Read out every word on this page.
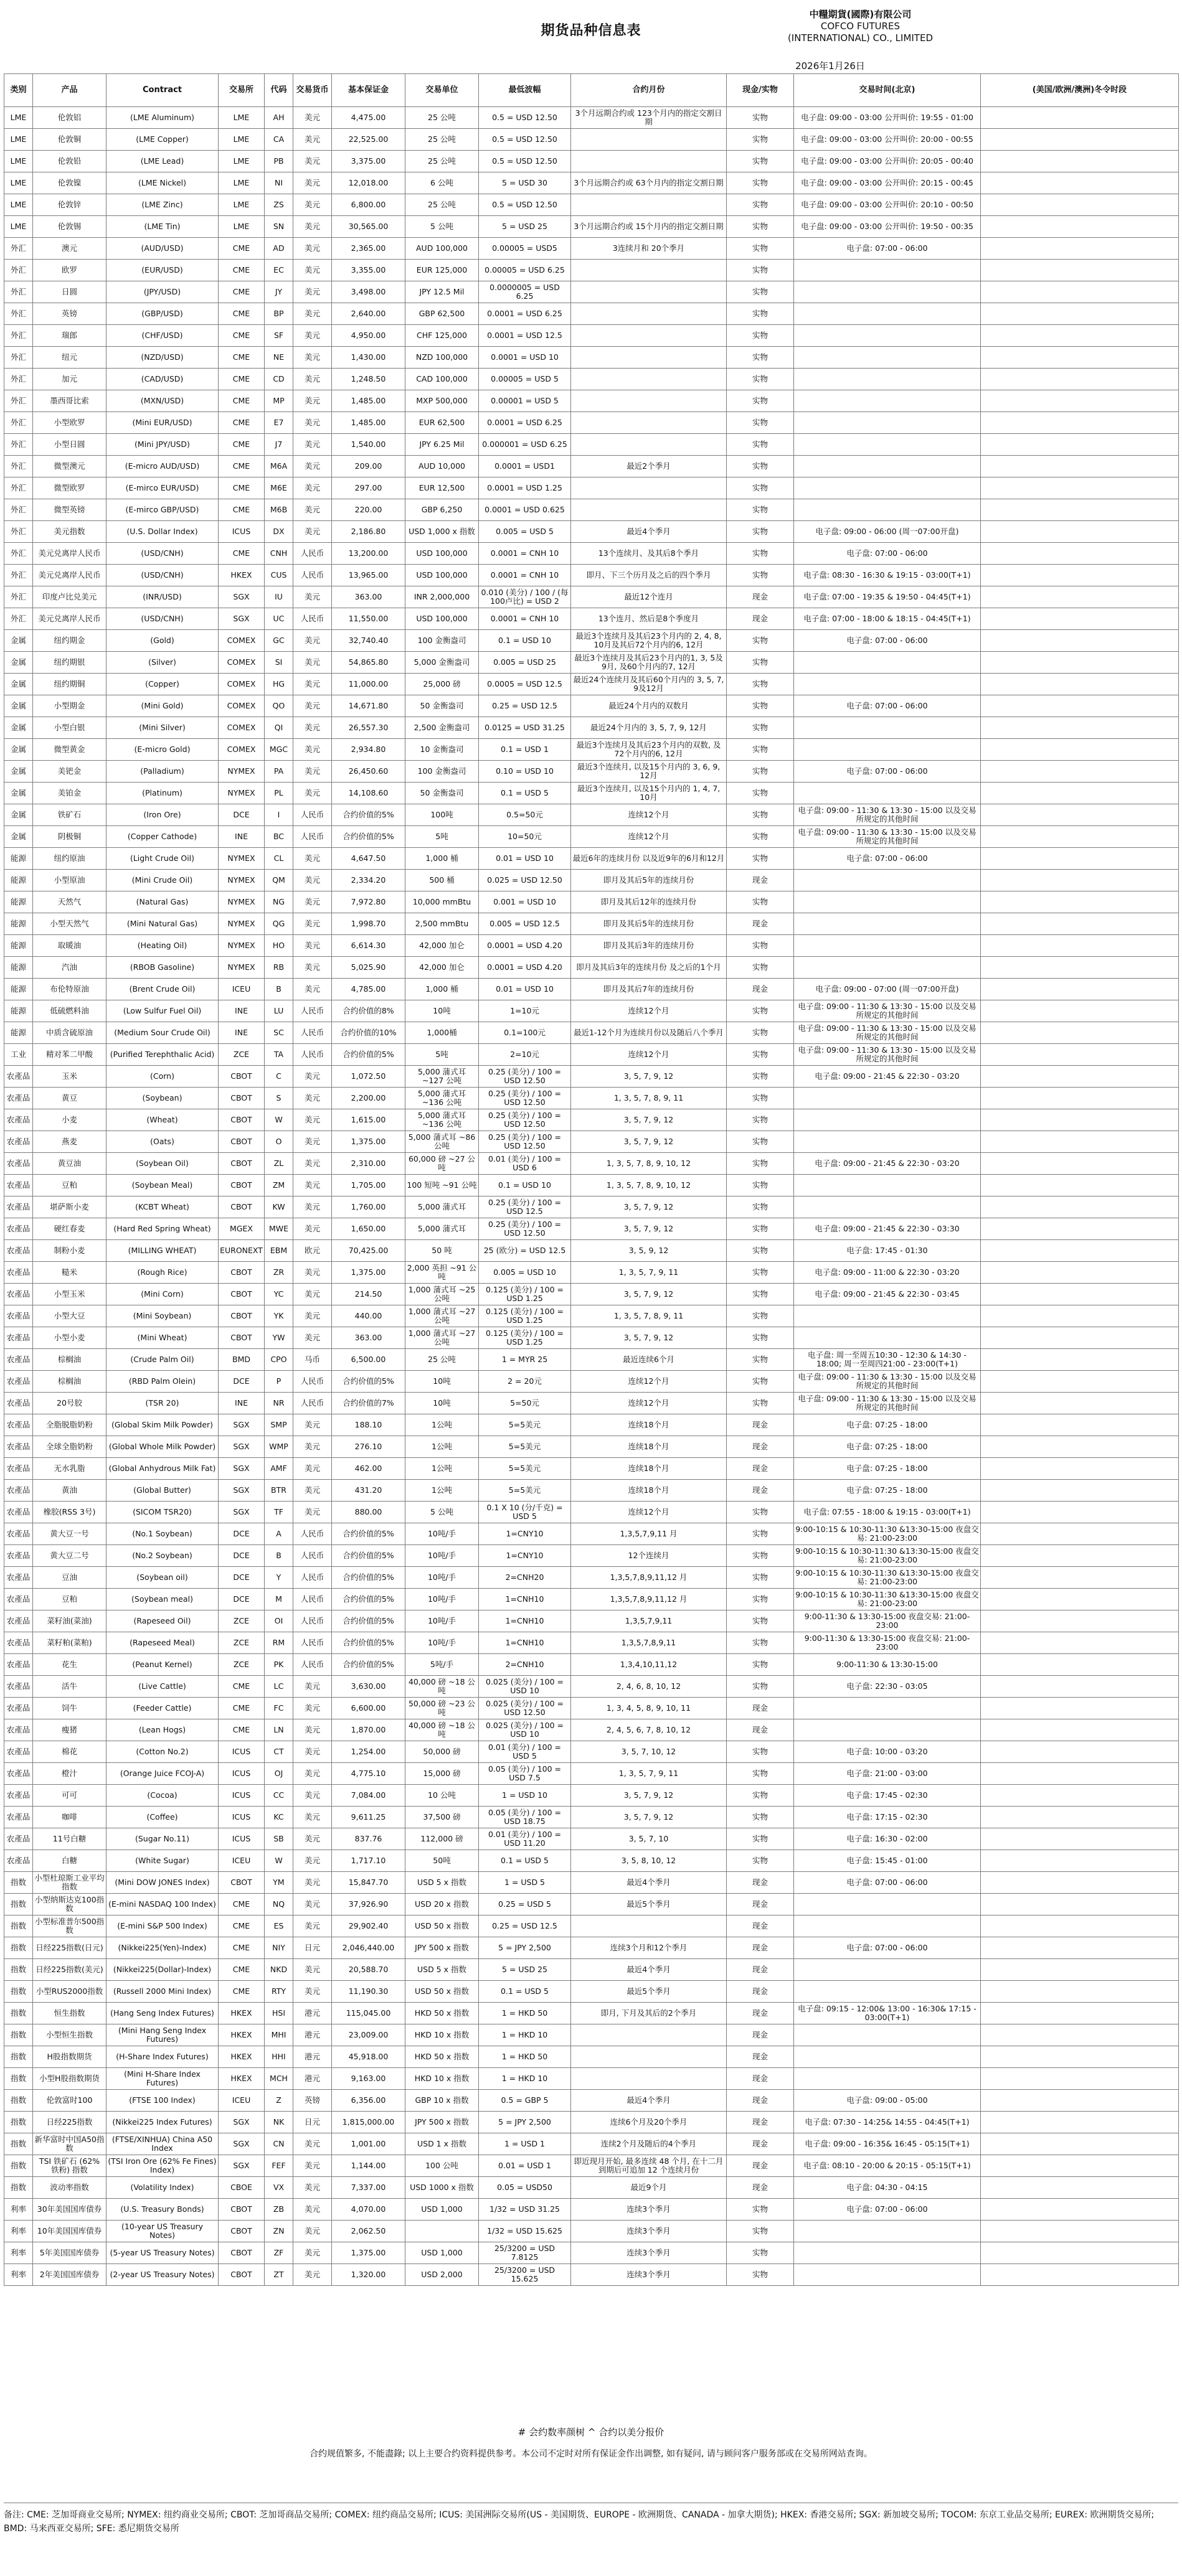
期货品种信息表
中糧期貨(國際)有限公司
COFCO FUTURES
(INTERNATIONAL) CO., LIMITED
2026年1月26日
类别	产品	Contract	交易所	代码	交易货币	基本保证金	交易单位	最低波幅	合约月份	现金/实物	交易时间(北京)	(美国/欧洲/澳洲)冬令时段
LME	伦敦铝	(LME Aluminum)	LME	AH	美元	4,475.00	25 公吨	0.5 = USD 12.50	3个月远期合约或 123个月内的指定交割日期	实物	电子盘: 09:00 - 03:00 公开叫价: 19:55 - 01:00	
LME	伦敦铜	(LME Copper)	LME	CA	美元	22,525.00	25 公吨	0.5 = USD 12.50		实物	电子盘: 09:00 - 03:00 公开叫价: 20:00 - 00:55	
LME	伦敦铅	(LME Lead)	LME	PB	美元	3,375.00	25 公吨	0.5 = USD 12.50		实物	电子盘: 09:00 - 03:00 公开叫价: 20:05 - 00:40	
LME	伦敦镍	(LME Nickel)	LME	NI	美元	12,018.00	6 公吨	5 = USD 30	3个月远期合约或 63个月内的指定交割日期	实物	电子盘: 09:00 - 03:00 公开叫价: 20:15 - 00:45	
LME	伦敦锌	(LME Zinc)	LME	ZS	美元	6,800.00	25 公吨	0.5 = USD 12.50		实物	电子盘: 09:00 - 03:00 公开叫价: 20:10 - 00:50	
LME	伦敦锡	(LME Tin)	LME	SN	美元	30,565.00	5 公吨	5 = USD 25	3个月远期合约或 15个月内的指定交割日期	实物	电子盘: 09:00 - 03:00 公开叫价: 19:50 - 00:35	
外汇	澳元	(AUD/USD)	CME	AD	美元	2,365.00	AUD 100,000	0.00005 = USD5	3连续月和 20个季月	实物	电子盘: 07:00 - 06:00	
外汇	欧罗	(EUR/USD)	CME	EC	美元	3,355.00	EUR 125,000	0.00005 = USD 6.25		实物		
外汇	日圆	(JPY/USD)	CME	JY	美元	3,498.00	JPY 12.5 Mil	0.0000005 = USD 6.25		实物		
外汇	英镑	(GBP/USD)	CME	BP	美元	2,640.00	GBP 62,500	0.0001 = USD 6.25		实物		
外汇	瑞郎	(CHF/USD)	CME	SF	美元	4,950.00	CHF 125,000	0.0001 = USD 12.5		实物		
外汇	纽元	(NZD/USD)	CME	NE	美元	1,430.00	NZD 100,000	0.0001 = USD 10		实物		
外汇	加元	(CAD/USD)	CME	CD	美元	1,248.50	CAD 100,000	0.00005 = USD 5		实物		
外汇	墨西哥比索	(MXN/USD)	CME	MP	美元	1,485.00	MXP 500,000	0.00001 = USD 5		实物		
外汇	小型欧罗	(Mini EUR/USD)	CME	E7	美元	1,485.00	EUR 62,500	0.0001 = USD 6.25		实物		
外汇	小型日圆	(Mini JPY/USD)	CME	J7	美元	1,540.00	JPY 6.25 Mil	0.000001 = USD 6.25		实物		
外汇	微型澳元	(E-micro AUD/USD)	CME	M6A	美元	209.00	AUD 10,000	0.0001 = USD1	最近2个季月	实物		
外汇	微型欧罗	(E-mirco EUR/USD)	CME	M6E	美元	297.00	EUR 12,500	0.0001 = USD 1.25		实物		
外汇	微型英镑	(E-mirco GBP/USD)	CME	M6B	美元	220.00	GBP 6,250	0.0001 = USD 0.625		实物		
外汇	美元指数	(U.S. Dollar Index)	ICUS	DX	美元	2,186.80	USD 1,000 x 指数	0.005 = USD 5	最近4个季月	实物	电子盘: 09:00 - 06:00 (周一07:00开盘)	
外汇	美元兑离岸人民币	(USD/CNH)	CME	CNH	人民币	13,200.00	USD 100,000	0.0001 = CNH 10	13个连续月、及其后8个季月	实物	电子盘: 07:00 - 06:00	
外汇	美元兑离岸人民币	(USD/CNH)	HKEX	CUS	人民币	13,965.00	USD 100,000	0.0001 = CNH 10	即月、下三个历月及之后的四个季月	实物	电子盘: 08:30 - 16:30 & 19:15 - 03:00(T+1)	
外汇	印度卢比兑美元	(INR/USD)	SGX	IU	美元	363.00	INR 2,000,000	0.010 (美分) / 100 / (每100卢比) = USD 2	最近12个连月	现金	电子盘: 07:00 - 19:35 & 19:50 - 04:45(T+1)	
外汇	美元兑离岸人民币	(USD/CNH)	SGX	UC	人民币	11,550.00	USD 100,000	0.0001 = CNH 10	13个连月、然后是8个季度月	现金	电子盘: 07:00 - 18:00 & 18:15 - 04:45(T+1)	
金属	纽约期金	(Gold)	COMEX	GC	美元	32,740.40	100 金衡盎司	0.1 = USD 10	最近3个连续月及其后23个月内的 2, 4, 8, 10月及其后72个月内的6, 12月	实物	电子盘: 07:00 - 06:00	
金属	纽约期银	(Silver)	COMEX	SI	美元	54,865.80	5,000 金衡盎司	0.005 = USD 25	最近3个连续月及其后23个月内的1, 3, 5及9月, 及60个月内的7, 12月	实物		
金属	纽约期铜	(Copper)	COMEX	HG	美元	11,000.00	25,000 磅	0.0005 = USD 12.5	最近24个连续月及其后60个月内的 3, 5, 7, 9及12月	实物		
金属	小型期金	(Mini Gold)	COMEX	QO	美元	14,671.80	50 金衡盎司	0.25 = USD 12.5	最近24个月内的双数月	实物	电子盘: 07:00 - 06:00	
金属	小型白银	(Mini Silver)	COMEX	QI	美元	26,557.30	2,500 金衡盎司	0.0125 = USD 31.25	最近24个月内的 3, 5, 7, 9, 12月	实物		
金属	微型黄金	(E-micro Gold)	COMEX	MGC	美元	2,934.80	10 金衡盎司	0.1 = USD 1	最近3个连续月及其后23个月内的双数, 及72个月内的6, 12月	实物		
金属	美钯金	(Palladium)	NYMEX	PA	美元	26,450.60	100 金衡盎司	0.10 = USD 10	最近3个连续月, 以及15个月内的 3, 6, 9, 12月	实物	电子盘: 07:00 - 06:00	
金属	美铂金	(Platinum)	NYMEX	PL	美元	14,108.60	50 金衡盎司	0.1 = USD 5	最近3个连续月, 以及15个月内的 1, 4, 7, 10月	实物		
金属	铁矿石	(Iron Ore)	DCE	I	人民币	合约价值的5%	100吨	0.5=50元	连续12个月	实物	电子盘: 09:00 - 11:30 & 13:30 - 15:00 以及交易所规定的其他时间	
金属	阴极铜	(Copper Cathode)	INE	BC	人民币	合约价值的5%	5吨	10=50元	连续12个月	实物	电子盘: 09:00 - 11:30 & 13:30 - 15:00 以及交易所规定的其他时间	
能源	纽约原油	(Light Crude Oil)	NYMEX	CL	美元	4,647.50	1,000 桶	0.01 = USD 10	最近6年的连续月份 以及近9年的6月和12月	实物	电子盘: 07:00 - 06:00	
能源	小型原油	(Mini Crude Oil)	NYMEX	QM	美元	2,334.20	500 桶	0.025 = USD 12.50	即月及其后5年的连续月份	现金		
能源	天然气	(Natural Gas)	NYMEX	NG	美元	7,972.80	10,000 mmBtu	0.001 = USD 10	即月及其后12年的连续月份	实物		
能源	小型天然气	(Mini Natural Gas)	NYMEX	QG	美元	1,998.70	2,500 mmBtu	0.005 = USD 12.5	即月及其后5年的连续月份	现金		
能源	取暖油	(Heating Oil)	NYMEX	HO	美元	6,614.30	42,000 加仑	0.0001 = USD 4.20	即月及其后3年的连续月份	实物		
能源	汽油	(RBOB Gasoline)	NYMEX	RB	美元	5,025.90	42,000 加仑	0.0001 = USD 4.20	即月及其后3年的连续月份 及之后的1个月	实物		
能源	布伦特原油	(Brent Crude Oil)	ICEU	B	美元	4,785.00	1,000 桶	0.01 = USD 10	即月及其后7年的连续月份	现金	电子盘: 09:00 - 07:00 (周一07:00开盘)	
能源	低硫燃料油	(Low Sulfur Fuel Oil)	INE	LU	人民币	合约价值的8%	10吨	1=10元	连续12个月	实物	电子盘: 09:00 - 11:30 & 13:30 - 15:00 以及交易所规定的其他时间	
能源	中质含硫原油	(Medium Sour Crude Oil)	INE	SC	人民币	合约价值的10%	1,000桶	0.1=100元	最近1-12个月为连续月份以及随后八个季月	实物	电子盘: 09:00 - 11:30 & 13:30 - 15:00 以及交易所规定的其他时间	
工业	精对苯二甲酸	(Purified Terephthalic Acid)	ZCE	TA	人民币	合约价值的5%	5吨	2=10元	连续12个月	实物	电子盘: 09:00 - 11:30 & 13:30 - 15:00 以及交易所规定的其他时间	
农產品	玉米	(Corn)	CBOT	C	美元	1,072.50	5,000 蒲式耳 ~127 公吨	0.25 (美分) / 100 = USD 12.50	3, 5, 7, 9, 12	实物	电子盘: 09:00 - 21:45 & 22:30 - 03:20	
农產品	黄豆	(Soybean)	CBOT	S	美元	2,200.00	5,000 蒲式耳 ~136 公吨	0.25 (美分) / 100 = USD 12.50	1, 3, 5, 7, 8, 9, 11	实物		
农產品	小麦	(Wheat)	CBOT	W	美元	1,615.00	5,000 蒲式耳 ~136 公吨	0.25 (美分) / 100 = USD 12.50	3, 5, 7, 9, 12	实物		
农產品	燕麦	(Oats)	CBOT	O	美元	1,375.00	5,000 蒲式耳 ~86 公吨	0.25 (美分) / 100 = USD 12.50	3, 5, 7, 9, 12	实物		
农產品	黄豆油	(Soybean Oil)	CBOT	ZL	美元	2,310.00	60,000 磅 ~27 公吨	0.01 (美分) / 100 = USD 6	1, 3, 5, 7, 8, 9, 10, 12	实物	电子盘: 09:00 - 21:45 & 22:30 - 03:20	
农產品	豆粕	(Soybean Meal)	CBOT	ZM	美元	1,705.00	100 短吨 ~91 公吨	0.1 = USD 10	1, 3, 5, 7, 8, 9, 10, 12	实物		
农產品	堪萨斯小麦	(KCBT Wheat)	CBOT	KW	美元	1,760.00	5,000 蒲式耳	0.25 (美分) / 100 = USD 12.5	3, 5, 7, 9, 12	实物		
农產品	硬红春麦	(Hard Red Spring Wheat)	MGEX	MWE	美元	1,650.00	5,000 蒲式耳	0.25 (美分) / 100 = USD 12.50	3, 5, 7, 9, 12	实物	电子盘: 09:00 - 21:45 & 22:30 - 03:30	
农產品	制粉小麦	(MILLING WHEAT)	EURONEXT	EBM	欧元	70,425.00	50 吨	25 (欧分) = USD 12.5	3, 5, 9, 12	实物	电子盘: 17:45 - 01:30	
农產品	糙米	(Rough Rice)	CBOT	ZR	美元	1,375.00	2,000 英担 ~91 公吨	0.005 = USD 10	1, 3, 5, 7, 9, 11	实物	电子盘: 09:00 - 11:00 & 22:30 - 03:20	
农產品	小型玉米	(Mini Corn)	CBOT	YC	美元	214.50	1,000 蒲式耳 ~25 公吨	0.125 (美分) / 100 = USD 1.25	3, 5, 7, 9, 12	实物	电子盘: 09:00 - 21:45 & 22:30 - 03:45	
农產品	小型大豆	(Mini Soybean)	CBOT	YK	美元	440.00	1,000 蒲式耳 ~27 公吨	0.125 (美分) / 100 = USD 1.25	1, 3, 5, 7, 8, 9, 11	实物		
农產品	小型小麦	(Mini Wheat)	CBOT	YW	美元	363.00	1,000 蒲式耳 ~27 公吨	0.125 (美分) / 100 = USD 1.25	3, 5, 7, 9, 12	实物		
农產品	棕榈油	(Crude Palm Oil)	BMD	CPO	马币	6,500.00	25 公吨	1 = MYR 25	最近连续6个月	实物	电子盘: 周一至周五10:30 - 12:30 & 14:30 - 18:00; 周一至周四21:00 - 23:00(T+1)	
农產品	棕榈油	(RBD Palm Olein)	DCE	P	人民币	合约价值的5%	10吨	2 = 20元	连续12个月	实物	电子盘: 09:00 - 11:30 & 13:30 - 15:00 以及交易所规定的其他时间	
农產品	20号胶	(TSR 20)	INE	NR	人民币	合约价值的7%	10吨	5=50元	连续12个月	实物	电子盘: 09:00 - 11:30 & 13:30 - 15:00 以及交易所规定的其他时间	
农產品	全脂脱脂奶粉	(Global Skim Milk Powder)	SGX	SMP	美元	188.10	1公吨	5=5美元	连续18个月	现金	电子盘: 07:25 - 18:00	
农產品	全球全脂奶粉	(Global Whole Milk Powder)	SGX	WMP	美元	276.10	1公吨	5=5美元	连续18个月	现金	电子盘: 07:25 - 18:00	
农產品	无水乳脂	(Global Anhydrous Milk Fat)	SGX	AMF	美元	462.00	1公吨	5=5美元	连续18个月	现金	电子盘: 07:25 - 18:00	
农產品	黄油	(Global Butter)	SGX	BTR	美元	431.20	1公吨	5=5美元	连续18个月	现金	电子盘: 07:25 - 18:00	
农產品	橡胶(RSS 3号)	(SICOM TSR20)	SGX	TF	美元	880.00	5 公吨	0.1 X 10 (分/千克) = USD 5	连续12个月	实物	电子盘: 07:55 - 18:00 & 19:15 - 03:00(T+1)	
农產品	黄大豆一号	(No.1 Soybean)	DCE	A	人民币	合约价值的5%	10吨/手	1=CNY10	1,3,5,7,9,11 月	实物	9:00-10:15 & 10:30-11:30 &13:30-15:00 夜盘交易: 21:00-23:00	
农產品	黄大豆二号	(No.2 Soybean)	DCE	B	人民币	合约价值的5%	10吨/手	1=CNY10	12个连续月	实物	9:00-10:15 & 10:30-11:30 &13:30-15:00 夜盘交易: 21:00-23:00	
农產品	豆油	(Soybean oil)	DCE	Y	人民币	合约价值的5%	10吨/手	2=CNH20	1,3,5,7,8,9,11,12 月	实物	9:00-10:15 & 10:30-11:30 &13:30-15:00 夜盘交易: 21:00-23:00	
农產品	豆粕	(Soybean meal)	DCE	M	人民币	合约价值的5%	10吨/手	1=CNH10	1,3,5,7,8,9,11,12 月	实物	9:00-10:15 & 10:30-11:30 &13:30-15:00 夜盘交易: 21:00-23:00	
农產品	菜籽油(菜油)	(Rapeseed Oil)	ZCE	OI	人民币	合约价值的5%	10吨/手	1=CNH10	1,3,5,7,9,11	实物	9:00-11:30 & 13:30-15:00 夜盘交易: 21:00-23:00	
农產品	菜籽粕(菜粕)	(Rapeseed Meal)	ZCE	RM	人民币	合约价值的5%	10吨/手	1=CNH10	1,3,5,7,8,9,11	实物	9:00-11:30 & 13:30-15:00 夜盘交易: 21:00-23:00	
农產品	花生	(Peanut Kernel)	ZCE	PK	人民币	合约价值的5%	5吨/手	2=CNH10	1,3,4,10,11,12	实物	9:00-11:30 & 13:30-15:00	
农產品	活牛	(Live Cattle)	CME	LC	美元	3,630.00	40,000 磅 ~18 公吨	0.025 (美分) / 100 = USD 10	2, 4, 6, 8, 10, 12	实物	电子盘: 22:30 - 03:05	
农產品	饲牛	(Feeder Cattle)	CME	FC	美元	6,600.00	50,000 磅 ~23 公吨	0.025 (美分) / 100 = USD 12.50	1, 3, 4, 5, 8, 9, 10, 11	现金		
农產品	瘦猪	(Lean Hogs)	CME	LN	美元	1,870.00	40,000 磅 ~18 公吨	0.025 (美分) / 100 = USD 10	2, 4, 5, 6, 7, 8, 10, 12	现金		
农產品	棉花	(Cotton No.2)	ICUS	CT	美元	1,254.00	50,000 磅	0.01 (美分) / 100 = USD 5	3, 5, 7, 10, 12	实物	电子盘: 10:00 - 03:20	
农產品	橙汁	(Orange Juice FCOJ-A)	ICUS	OJ	美元	4,775.10	15,000 磅	0.05 (美分) / 100 = USD 7.5	1, 3, 5, 7, 9, 11	实物	电子盘: 21:00 - 03:00	
农產品	可可	(Cocoa)	ICUS	CC	美元	7,084.00	10 公吨	1 = USD 10	3, 5, 7, 9, 12	实物	电子盘: 17:45 - 02:30	
农產品	咖啡	(Coffee)	ICUS	KC	美元	9,611.25	37,500 磅	0.05 (美分) / 100 = USD 18.75	3, 5, 7, 9, 12	实物	电子盘: 17:15 - 02:30	
农產品	11号白糖	(Sugar No.11)	ICUS	SB	美元	837.76	112,000 磅	0.01 (美分) / 100 = USD 11.20	3, 5, 7, 10	实物	电子盘: 16:30 - 02:00	
农產品	白糖	(White Sugar)	ICEU	W	美元	1,717.10	50吨	0.1 = USD 5	3, 5, 8, 10, 12	实物	电子盘: 15:45 - 01:00	
指数	小型杜琼斯工业平均指数	(Mini DOW JONES Index)	CBOT	YM	美元	15,847.70	USD 5 x 指数	1 = USD 5	最近4个季月	现金	电子盘: 07:00 - 06:00	
指数	小型纳斯达克100指数	(E-mini NASDAQ 100 Index)	CME	NQ	美元	37,926.90	USD 20 x 指数	0.25 = USD 5	最近5个季月	现金		
指数	小型标准普尔500指数	(E-mini S&P 500 Index)	CME	ES	美元	29,902.40	USD 50 x 指数	0.25 = USD 12.5		现金		
指数	日经225指数(日元)	(Nikkei225(Yen)-Index)	CME	NIY	日元	2,046,440.00	JPY 500 x 指数	5 = JPY 2,500	连续3个月和12个季月	现金	电子盘: 07:00 - 06:00	
指数	日经225指数(美元)	(Nikkei225(Dollar)-Index)	CME	NKD	美元	20,588.70	USD 5 x 指数	5 = USD 25	最近4个季月	现金		
指数	小型RUS2000指数	(Russell 2000 Mini Index)	CME	RTY	美元	11,190.30	USD 50 x 指数	0.1 = USD 5	最近5个季月	现金		
指数	恒生指数	(Hang Seng Index Futures)	HKEX	HSI	港元	115,045.00	HKD 50 x 指数	1 = HKD 50	即月, 下月及其后的2个季月	现金	电子盘: 09:15 - 12:00& 13:00 - 16:30& 17:15 - 03:00(T+1)	
指数	小型恒生指数	(Mini Hang Seng Index Futures)	HKEX	MHI	港元	23,009.00	HKD 10 x 指数	1 = HKD 10		现金		
指数	H股指数期货	(H-Share Index Futures)	HKEX	HHI	港元	45,918.00	HKD 50 x 指数	1 = HKD 50		现金		
指数	小型H股指数期货	(Mini H-Share Index Futures)	HKEX	MCH	港元	9,163.00	HKD 10 x 指数	1 = HKD 10		现金		
指数	伦敦富时100	(FTSE 100 Index)	ICEU	Z	英镑	6,356.00	GBP 10 x 指数	0.5 = GBP 5	最近4个季月	现金	电子盘: 09:00 - 05:00	
指数	日经225指数	(Nikkei225 Index Futures)	SGX	NK	日元	1,815,000.00	JPY 500 x 指数	5 = JPY 2,500	连续6个月及20个季月	现金	电子盘: 07:30 - 14:25& 14:55 - 04:45(T+1)	
指数	新华富时中国A50指数	(FTSE/XINHUA) China A50 Index	SGX	CN	美元	1,001.00	USD 1 x 指数	1 = USD 1	连续2个月及随后的4个季月	现金	电子盘: 09:00 - 16:35& 16:45 - 05:15(T+1)	
指数	TSI 铁矿石 (62% 铁粉) 指数	(TSI Iron Ore (62% Fe Fines) Index)	SGX	FEF	美元	1,144.00	100 公吨	0.01 = USD 1	即近现月开始, 最多连续 48 个月, 在十二月到期后可追加 12 个连续月份	现金	电子盘: 08:10 - 20:00 & 20:15 - 05:15(T+1)	
指数	波动率指数	(Volatility Index)	CBOE	VX	美元	7,337.00	USD 1000 x 指数	0.05 = USD50	最近9个月	现金	电子盘: 04:30 - 04:15	
利率	30年美国国库债券	(U.S. Treasury Bonds)	CBOT	ZB	美元	4,070.00	USD 1,000	1/32 = USD 31.25	连续3个季月	实物	电子盘: 07:00 - 06:00	
利率	10年美国国库债券	(10-year US Treasury Notes)	CBOT	ZN	美元	2,062.50		1/32 = USD 15.625	连续3个季月	实物		
利率	5年美国国库债券	(5-year US Treasury Notes)	CBOT	ZF	美元	1,375.00	USD 1,000	25/3200 = USD 7.8125	连续3个季月	实物		
利率	2年美国国库债券	(2-year US Treasury Notes)	CBOT	ZT	美元	1,320.00	USD 2,000	25/3200 = USD 15.625	连续3个季月	实物		
# 会约数率颜树 ^ 合约以美分报价
合约规值繁多, 不能盡錄; 以上主要合约资料提供参考。本公司不定时对所有保证金作出调整, 如有疑问, 请与顾问客户服务部或在交易所网站查询。
备注: CME: 芝加哥商业交易所; NYMEX: 纽约商业交易所; CBOT: 芝加哥商品交易所; COMEX: 纽约商品交易所; ICUS: 美国洲际交易所(US - 美国期货、EUROPE - 欧洲期货、CANADA - 加拿大期货); HKEX: 香港交易所; SGX: 新加坡交易所; TOCOM: 东京工业品交易所; EUREX: 欧洲期货交易所; BMD: 马来西亚交易所; SFE: 悉尼期货交易所
